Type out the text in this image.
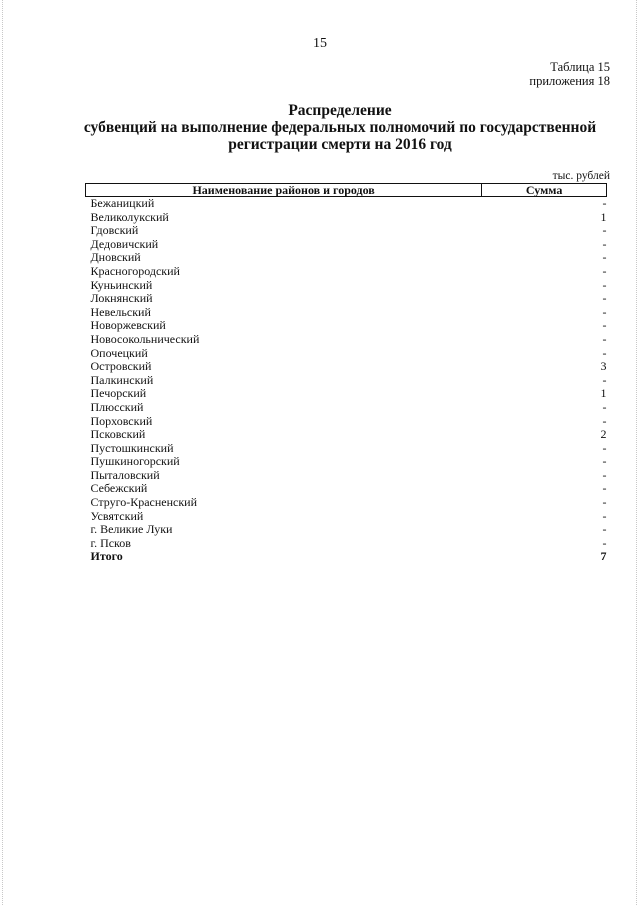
15
Таблица 15
приложения 18
Распределение
субвенций на выполнение федеральных полномочий по государственной
регистрации смерти на 2016 год
тыс. рублей
Наименование районов и городов	Сумма
Бежаницкий	-
Великолукский	1
Гдовский	-
Дедовичский	-
Дновский	-
Красногородский	-
Куньинский	-
Локнянский	-
Невельский	-
Новоржевский	-
Новосокольнический	-
Опочецкий	-
Островский	3
Палкинский	-
Печорский	1
Плюсский	-
Порховский	-
Псковский	2
Пустошкинский	-
Пушкиногорский	-
Пыталовский	-
Себежский	-
Струго-Красненский	-
Усвятский	-
г. Великие Луки	-
г. Псков	-
Итого	7
